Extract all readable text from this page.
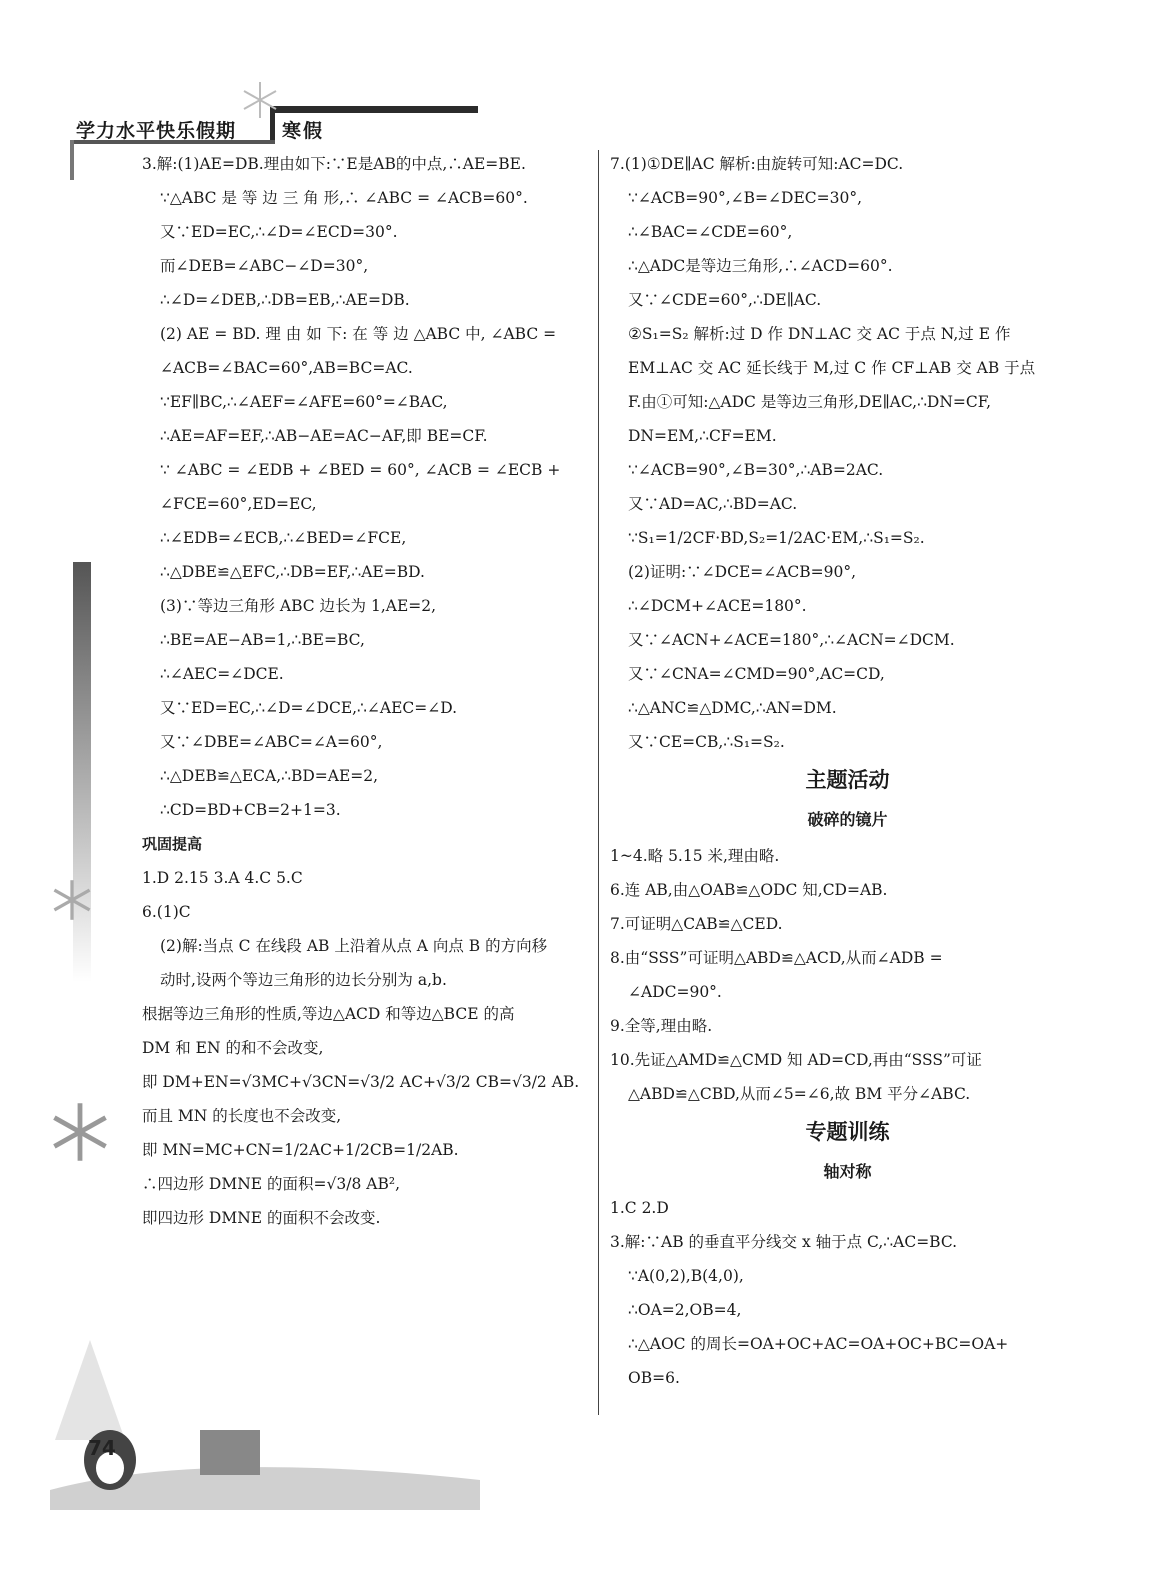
学力水平快乐假期 寒假
74
3.解:(1)AE=DB.理由如下:∵E是AB的中点,∴AE=BE.
∵△ABC 是 等 边 三 角 形,∴ ∠ABC = ∠ACB=60°.
又∵ED=EC,∴∠D=∠ECD=30°.
而∠DEB=∠ABC−∠D=30°,
∴∠D=∠DEB,∴DB=EB,∴AE=DB.
(2) AE = BD. 理 由 如 下: 在 等 边 △ABC 中, ∠ABC =
∠ACB=∠BAC=60°,AB=BC=AC.
∵EF∥BC,∴∠AEF=∠AFE=60°=∠BAC,
∴AE=AF=EF,∴AB−AE=AC−AF,即 BE=CF.
∵ ∠ABC = ∠EDB + ∠BED = 60°, ∠ACB = ∠ECB +
∠FCE=60°,ED=EC,
∴∠EDB=∠ECB,∴∠BED=∠FCE,
∴△DBE≌△EFC,∴DB=EF,∴AE=BD.
(3)∵等边三角形 ABC 边长为 1,AE=2,
∴BE=AE−AB=1,∴BE=BC,
∴∠AEC=∠DCE.
又∵ED=EC,∴∠D=∠DCE,∴∠AEC=∠D.
又∵∠DBE=∠ABC=∠A=60°,
∴△DEB≌△ECA,∴BD=AE=2,
∴CD=BD+CB=2+1=3.
巩固提高
1.D 2.15 3.A 4.C 5.C
6.(1)C
(2)解:当点 C 在线段 AB 上沿着从点 A 向点 B 的方向移
动时,设两个等边三角形的边长分别为 a,b.
根据等边三角形的性质,等边△ACD 和等边△BCE 的高
DM 和 EN 的和不会改变,
即 DM+EN=√3MC+√3CN=√3/2 AC+√3/2 CB=√3/2 AB.
而且 MN 的长度也不会改变,
即 MN=MC+CN=1/2AC+1/2CB=1/2AB.
∴四边形 DMNE 的面积=√3/8 AB²,
即四边形 DMNE 的面积不会改变.
7.(1)①DE∥AC 解析:由旋转可知:AC=DC.
∵∠ACB=90°,∠B=∠DEC=30°,
∴∠BAC=∠CDE=60°,
∴△ADC是等边三角形,∴∠ACD=60°.
又∵∠CDE=60°,∴DE∥AC.
②S₁=S₂ 解析:过 D 作 DN⊥AC 交 AC 于点 N,过 E 作
EM⊥AC 交 AC 延长线于 M,过 C 作 CF⊥AB 交 AB 于点
F.由①可知:△ADC 是等边三角形,DE∥AC,∴DN=CF,
DN=EM,∴CF=EM.
∵∠ACB=90°,∠B=30°,∴AB=2AC.
又∵AD=AC,∴BD=AC.
∵S₁=1/2CF·BD,S₂=1/2AC·EM,∴S₁=S₂.
(2)证明:∵∠DCE=∠ACB=90°,
∴∠DCM+∠ACE=180°.
又∵∠ACN+∠ACE=180°,∴∠ACN=∠DCM.
又∵∠CNA=∠CMD=90°,AC=CD,
∴△ANC≌△DMC,∴AN=DM.
又∵CE=CB,∴S₁=S₂.
主题活动
破碎的镜片
1~4.略 5.15 米,理由略.
6.连 AB,由△OAB≌△ODC 知,CD=AB.
7.可证明△CAB≌△CED.
8.由“SSS”可证明△ABD≌△ACD,从而∠ADB =
∠ADC=90°.
9.全等,理由略.
10.先证△AMD≌△CMD 知 AD=CD,再由“SSS”可证
△ABD≌△CBD,从而∠5=∠6,故 BM 平分∠ABC.
专题训练
轴对称
1.C 2.D
3.解:∵AB 的垂直平分线交 x 轴于点 C,∴AC=BC.
∵A(0,2),B(4,0),
∴OA=2,OB=4,
∴△AOC 的周长=OA+OC+AC=OA+OC+BC=OA+
OB=6.
